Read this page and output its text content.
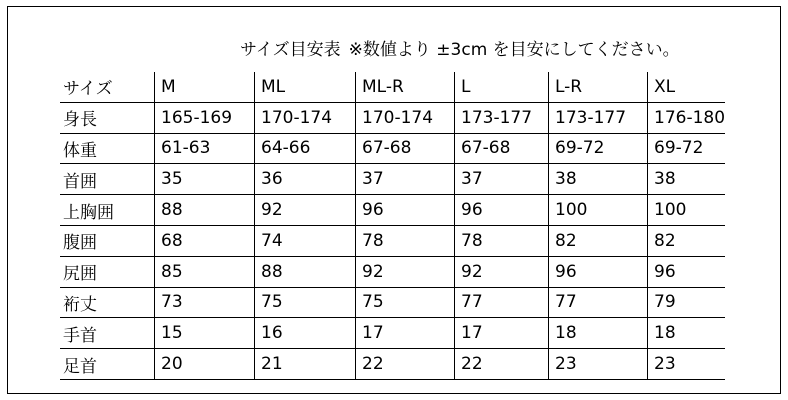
サイズ目安表 ※数値より ±3cm を目安にしてください。
サイズ	M	ML	ML-R	L	L-R	XL
身長	165-169	170-174	170-174	173-177	173-177	176-180
体重	61-63	64-66	67-68	67-68	69-72	69-72
首囲	35	36	37	37	38	38
上胸囲	88	92	96	96	100	100
腹囲	68	74	78	78	82	82
尻囲	85	88	92	92	96	96
裄丈	73	75	75	77	77	79
手首	15	16	17	17	18	18
足首	20	21	22	22	23	23
